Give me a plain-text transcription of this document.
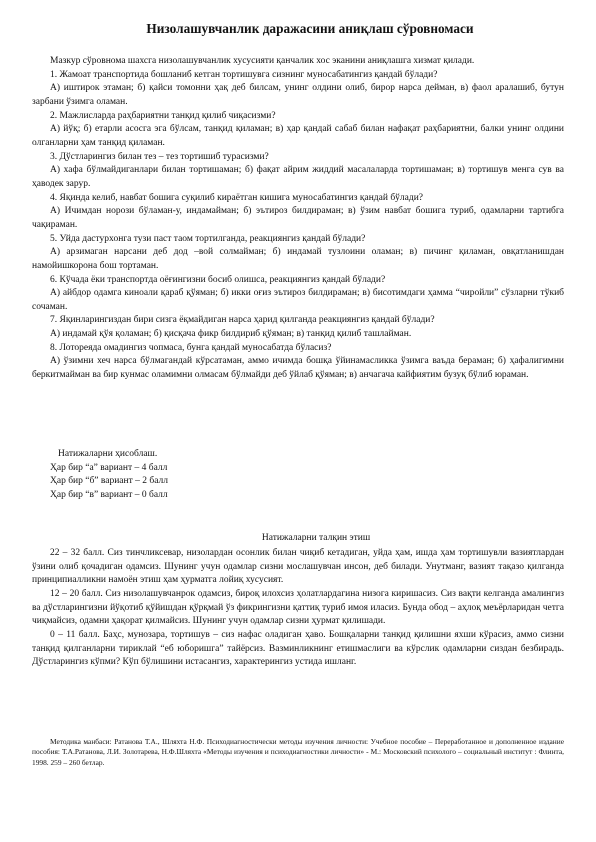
Низолашувчанлик даражасини аниқлаш сўровномаси

Мазкур сўровнома шахсга низолашувчанлик хусусияти қанчалик хос эканини аниқлашга хизмат қилади.

1. Жамоат транспортида бошланиб кетган тортишувга сизнинг муносабатингиз қандай бўлади?

А) иштирок этаман; б) қайси томонни ҳақ деб билсам, унинг олдини олиб, бирор нарса дейман, в) фаол аралашиб, бутун зарбани ўзимга оламан.

2. Мажлисларда раҳбариятни танқид қилиб чиқасизми?

А) йўқ; б) етарли асосга эга бўлсам, танқид қиламан; в) ҳар қандай сабаб билан нафақат раҳбариятни, балки унинг олдини олганларни ҳам танқид қиламан.

3. Дўстларингиз билан тез – тез тортишиб турасизми?

А) хафа бўлмайдиганлари билан тортишаман; б) фақат айрим жиддий масалаларда тортишаман; в) тортишув менга сув ва ҳаводек зарур.

4. Яқинда келиб, навбат бошига суқилиб кираётган кишига муносабатингиз қандай бўлади?

А) Ичимдан норози бўламан-у, индамайман; б) эътироз билдираман; в) ўзим навбат бошига туриб, одамларни тартибга чақираман.

5. Уйда дастурхонга тузи паст таом тортилганда, реакциянгиз қандай бўлади?

А) арзимаган нарсани деб дод –вой солмайман; б) индамай тузлоини оламан; в) пичинг қиламан, овқатланишдан намойишкорона бош тортаман.

6. Кўчада ёки транспортда оёғингизни босиб олишса, реакциянгиз қандай бўлади?

А) айбдор одамга киноали қараб қўяман; б) икки оғиз эътироз билдираман; в) бисотимдаги ҳамма “чиройли” сўзларни тўкиб сочаман.

7. Яқинларингиздан бири сизга ёқмайдиган нарса ҳарид қилганда реакциянгиз қандай бўлади?

А) индамай қўя қоламан; б) қисқача фикр билдириб қўяман; в) танқид қилиб ташлайман.

8. Лотореяда омадингиз чопмаса, бунга қандай муносабатда бўласиз?

А) ўзимни хеч нарса бўлмагандай кўрсатаман, аммо ичимда бошқа ўйинамасликка ўзимга ваъда бераман; б) ҳафалигимни беркитмайман ва бир кунмас оламимни олмасам бўлмайди деб ўйлаб қўяман; в) анчагача кайфиятим бузуқ бўлиб юраман.

Натижаларни ҳисоблаш.
Ҳар бир “а” вариант – 4 балл
Ҳар бир “б” вариант – 2 балл
Ҳар бир “в” вариант – 0 балл
Натижаларни талқин этиш

22 – 32 балл. Сиз тинчликсевар, низолардан осонлик билан чиқиб кетадиган, уйда ҳам, ишда ҳам тортишувли вазиятлардан ўзини олиб қочадиган одамсиз. Шунинг учун одамлар сизни мослашувчан инсон, деб билади. Унутманг, вазият тақазо қилганда принципиалликни намоён этиш ҳам ҳурматга лойиқ хусусият.

12 – 20 балл. Сиз низолашувчанрок одамсиз, бироқ илохсиз ҳолатлардагина низога киришасиз. Сиз вақти келганда амалингиз ва дўстларингизни йўқотиб қўйишдан қўрқмай ўз фикрингизни қаттиқ туриб имоя иласиз. Бунда обод – аҳлоқ меъёрларидан четга чиқмайсиз, одамни ҳақорат қилмайсиз. Шунинг учун одамлар сизни ҳурмат қилишади.

0 – 11 балл. Баҳс, мунозара, тортишув – сиз нафас оладиган ҳаво. Бошқаларни танқид қилишни яхши кўрасиз, аммо сизни танқид қилганларни тириклай “еб юборишга” тайёрсиз. Вазминликнинг етишмаслиги ва кўрслик одамларни сиздан безбирадь. Дўстларингиз кўпми? Кўп бўлишини истасангиз, характерингиз устида ишланг.

Методика манбаси: Ратанова Т.А., Шляхта Н.Ф. Психодиагностически методы изучения личности: Учебное пособие – Переработанное и дополненное издание пособия: Т.А.Ратанова, Л.И. Золотарева, Н.Ф.Шляхта «Методы изучения и психодиагностики личности» - М.: Московский психолого – социальный институт : Флинта, 1998. 259 – 260 бетлар.
